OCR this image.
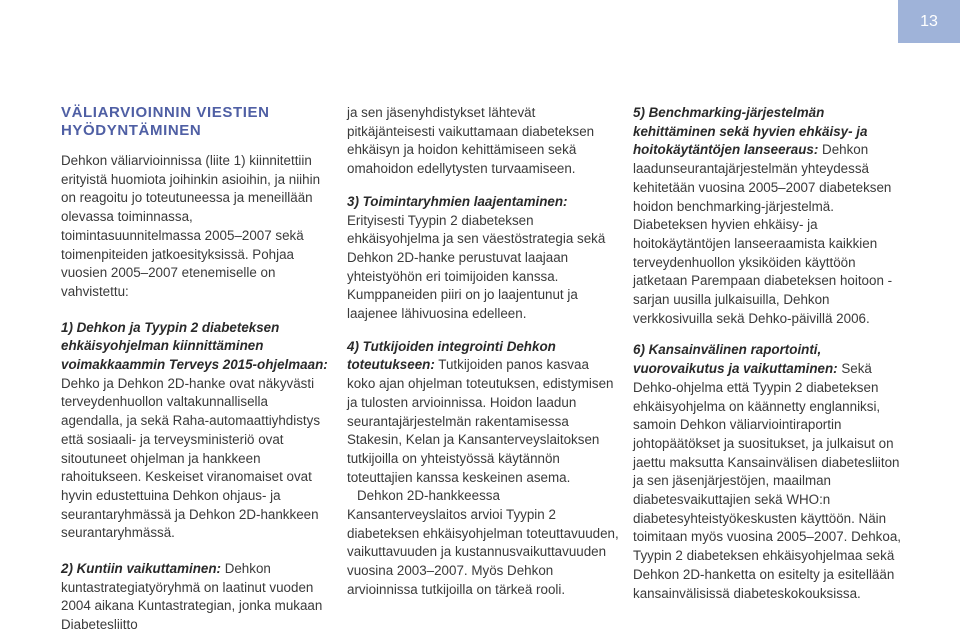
13
VÄLIARVIOINNIN VIESTIEN
HYÖDYNTÄMINEN

Dehkon väliarvioinnissa (liite 1) kiinnitettiin erityistä huomiota joihinkin asioihin, ja niihin on reagoitu jo toteutuneessa ja meneillään olevassa toiminnassa, toimintasuunnitelmassa 2005–2007 sekä toimenpiteiden jatkoesityksissä. Pohjaa vuosien 2005–2007 etenemiselle on vahvistettu:

1) Dehkon ja Tyypin 2 diabeteksen ehkäisyohjelman kiinnittäminen voimakkaammin Terveys 2015-ohjelmaan: Dehko ja Dehkon 2D-hanke ovat näkyvästi terveydenhuollon valtakunnallisella agendalla, ja sekä Raha-automaattiyhdistys että sosiaali- ja terveysministeriö ovat sitoutuneet ohjelman ja hankkeen rahoitukseen. Keskeiset viranomaiset ovat hyvin edustettuina Dehkon ohjaus- ja seurantaryhmässä ja Dehkon 2D-hankkeen seurantaryhmässä.

2) Kuntiin vaikuttaminen: Dehkon kuntastrategiatyöryhmä on laatinut vuoden 2004 aikana Kuntastrategian, jonka mukaan Diabetesliitto

ja sen jäsenyhdistykset lähtevät pitkäjänteisesti vaikuttamaan diabeteksen ehkäisyn ja hoidon kehittämiseen sekä omahoidon edellytysten turvaamiseen.

3) Toimintaryhmien laajentaminen: Erityisesti Tyypin 2 diabeteksen ehkäisyohjelma ja sen väestöstrategia sekä Dehkon 2D-hanke perustuvat laajaan yhteistyöhön eri toimijoiden kanssa. Kumppaneiden piiri on jo laajentunut ja laajenee lähivuosina edelleen.

4) Tutkijoiden integrointi Dehkon toteutukseen: Tutkijoiden panos kasvaa koko ajan ohjelman toteutuksen, edistymisen ja tulosten arvioinnissa. Hoidon laadun seurantajärjestelmän rakentamisessa Stakesin, Kelan ja Kansanterveyslaitoksen tutkijoilla on yhteistyössä käytännön toteuttajien kanssa keskeinen asema.

Dehkon 2D-hankkeessa Kansanterveyslaitos arvioi Tyypin 2 diabeteksen ehkäisyohjelman toteuttavuuden, vaikuttavuuden ja kustannusvaikuttavuuden vuosina 2003–2007. Myös Dehkon arvioinnissa tutkijoilla on tärkeä rooli.

5) Benchmarking-järjestelmän kehittäminen sekä hyvien ehkäisy- ja hoitokäytäntöjen lanseeraus: Dehkon laadunseurantajärjestelmän yhteydessä kehitetään vuosina 2005–2007 diabeteksen hoidon benchmarking-järjestelmä. Diabeteksen hyvien ehkäisy- ja hoitokäytäntöjen lanseeraamista kaikkien terveydenhuollon yksiköiden käyttöön jatketaan Parempaan diabeteksen hoitoon -sarjan uusilla julkaisuilla, Dehkon verkkosivuilla sekä Dehko-päivillä 2006.

6) Kansainvälinen raportointi, vuorovaikutus ja vaikuttaminen: Sekä Dehko-ohjelma että Tyypin 2 diabeteksen ehkäisyohjelma on käännetty englanniksi, samoin Dehkon väliarviointiraportin johtopäätökset ja suositukset, ja julkaisut on jaettu maksutta Kansainvälisen diabetesliiton ja sen jäsenjärjestöjen, maailman diabetesvaikuttajien sekä WHO:n diabetesyhteistyökeskusten käyttöön. Näin toimitaan myös vuosina 2005–2007. Dehkoa, Tyypin 2 diabeteksen ehkäisyohjelmaa sekä Dehkon 2D-hanketta on esitelty ja esitellään kansainvälisissä diabeteskokouksissa.
